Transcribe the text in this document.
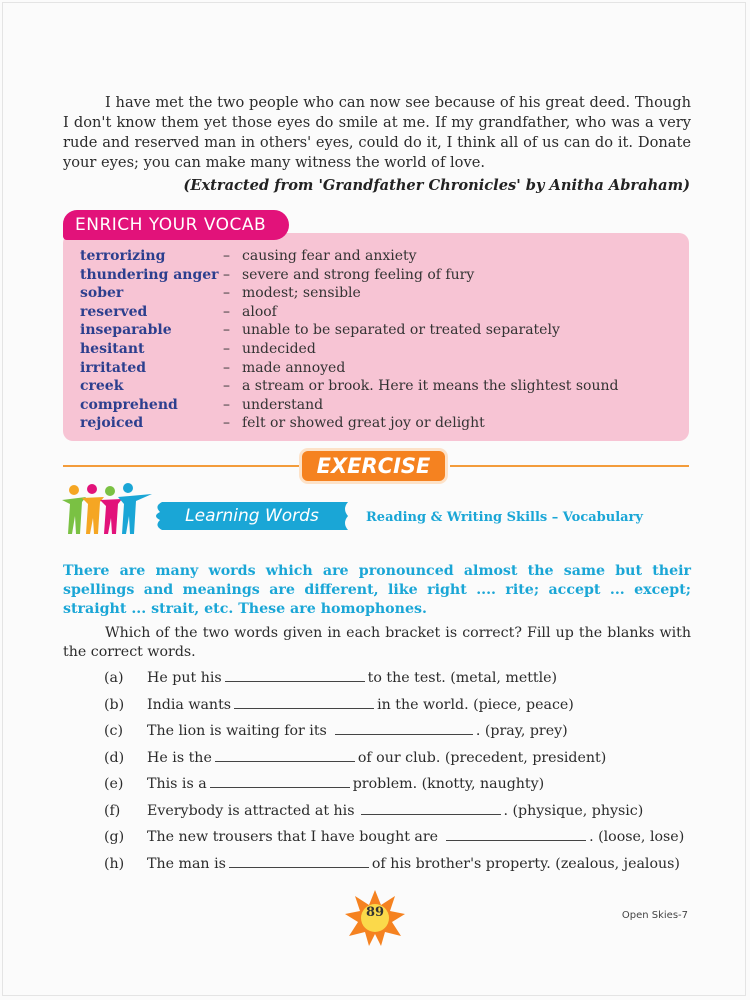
I have met the two people who can now see because of his great deed. Though I don't know them yet those eyes do smile at me. If my grandfather, who was a very rude and reserved man in others' eyes, could do it, I think all of us can do it. Donate your eyes; you can make many witness the world of love.

(Extracted from 'Grandfather Chronicles' by Anitha Abraham)
ENRICH YOUR VOCAB
terrorizing	– causing fear and anxiety
thundering anger – severe and strong feeling of fury
sober	– modest; sensible
reserved	– aloof
inseparable	– unable to be separated or treated separately
hesitant	– undecided
irritated	– made annoyed
creek	– a stream or brook. Here it means the slightest sound
comprehend	– understand
rejoiced	– felt or showed great joy or delight
EXERCISE
Learning Words	Reading & Writing Skills – Vocabulary
There are many words which are pronounced almost the same but their spellings and meanings are different, like right .... rite; accept ... except; straight ... strait, etc. These are homophones.
Which of the two words given in each bracket is correct? Fill up the blanks with the correct words.
(a) He put his	to the test. (metal, mettle)
(b) India wants	in the world. (piece, peace)
(c) The lion is waiting for its	. (pray, prey)
(d) He is the	of our club. (precedent, president)
(e) This is a	problem. (knotty, naughty)
(f) Everybody is attracted at his	. (physique, physic)
(g) The new trousers that I have bought are	. (loose, lose)
(h) The man is	of his brother's property. (zealous, jealous)
89	Open Skies-7
